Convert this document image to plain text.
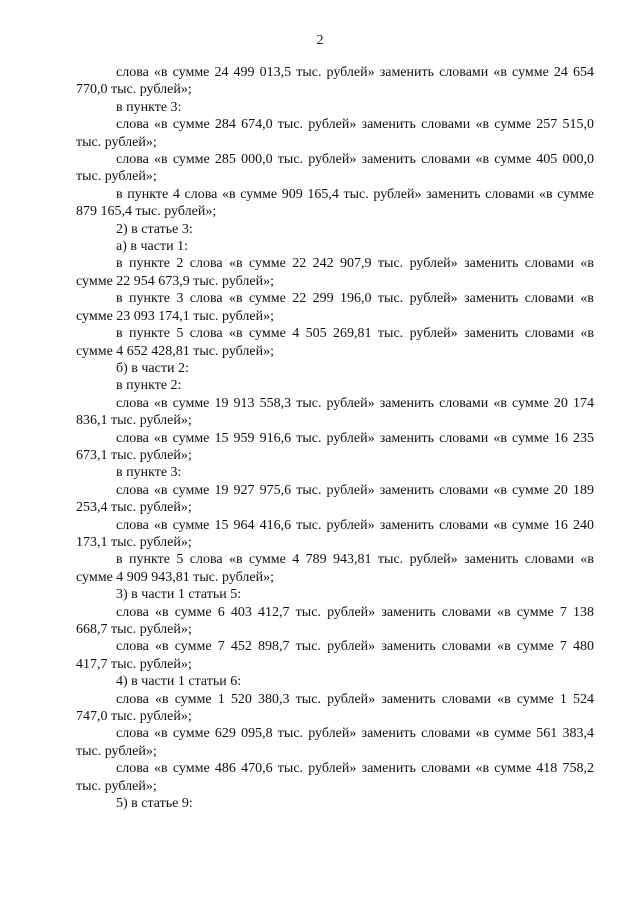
2

слова «в сумме 24 499 013,5 тыс. рублей» заменить словами «в сумме 24 654 770,0 тыс. рублей»;

в пункте 3:

слова «в сумме 284 674,0 тыс. рублей» заменить словами «в сумме 257 515,0 тыс. рублей»;

слова «в сумме 285 000,0 тыс. рублей» заменить словами «в сумме 405 000,0 тыс. рублей»;

в пункте 4 слова «в сумме 909 165,4 тыс. рублей» заменить словами «в сумме 879 165,4 тыс. рублей»;

2) в статье 3:

а) в части 1:

в пункте 2 слова «в сумме 22 242 907,9 тыс. рублей» заменить словами «в сумме 22 954 673,9 тыс. рублей»;

в пункте 3 слова «в сумме 22 299 196,0 тыс. рублей» заменить словами «в сумме 23 093 174,1 тыс. рублей»;

в пункте 5 слова «в сумме 4 505 269,81 тыс. рублей» заменить словами «в сумме 4 652 428,81 тыс. рублей»;

б) в части 2:

в пункте 2:

слова «в сумме 19 913 558,3 тыс. рублей» заменить словами «в сумме 20 174 836,1 тыс. рублей»;

слова «в сумме 15 959 916,6 тыс. рублей» заменить словами «в сумме 16 235 673,1 тыс. рублей»;

в пункте 3:

слова «в сумме 19 927 975,6 тыс. рублей» заменить словами «в сумме 20 189 253,4 тыс. рублей»;

слова «в сумме 15 964 416,6 тыс. рублей» заменить словами «в сумме 16 240 173,1 тыс. рублей»;

в пункте 5 слова «в сумме 4 789 943,81 тыс. рублей» заменить словами «в сумме 4 909 943,81 тыс. рублей»;

3) в части 1 статьи 5:

слова «в сумме 6 403 412,7 тыс. рублей» заменить словами «в сумме 7 138 668,7 тыс. рублей»;

слова «в сумме 7 452 898,7 тыс. рублей» заменить словами «в сумме 7 480 417,7 тыс. рублей»;

4) в части 1 статьи 6:

слова «в сумме 1 520 380,3 тыс. рублей» заменить словами «в сумме 1 524 747,0 тыс. рублей»;

слова «в сумме 629 095,8 тыс. рублей» заменить словами «в сумме 561 383,4 тыс. рублей»;

слова «в сумме 486 470,6 тыс. рублей» заменить словами «в сумме 418 758,2 тыс. рублей»;

5) в статье 9:
